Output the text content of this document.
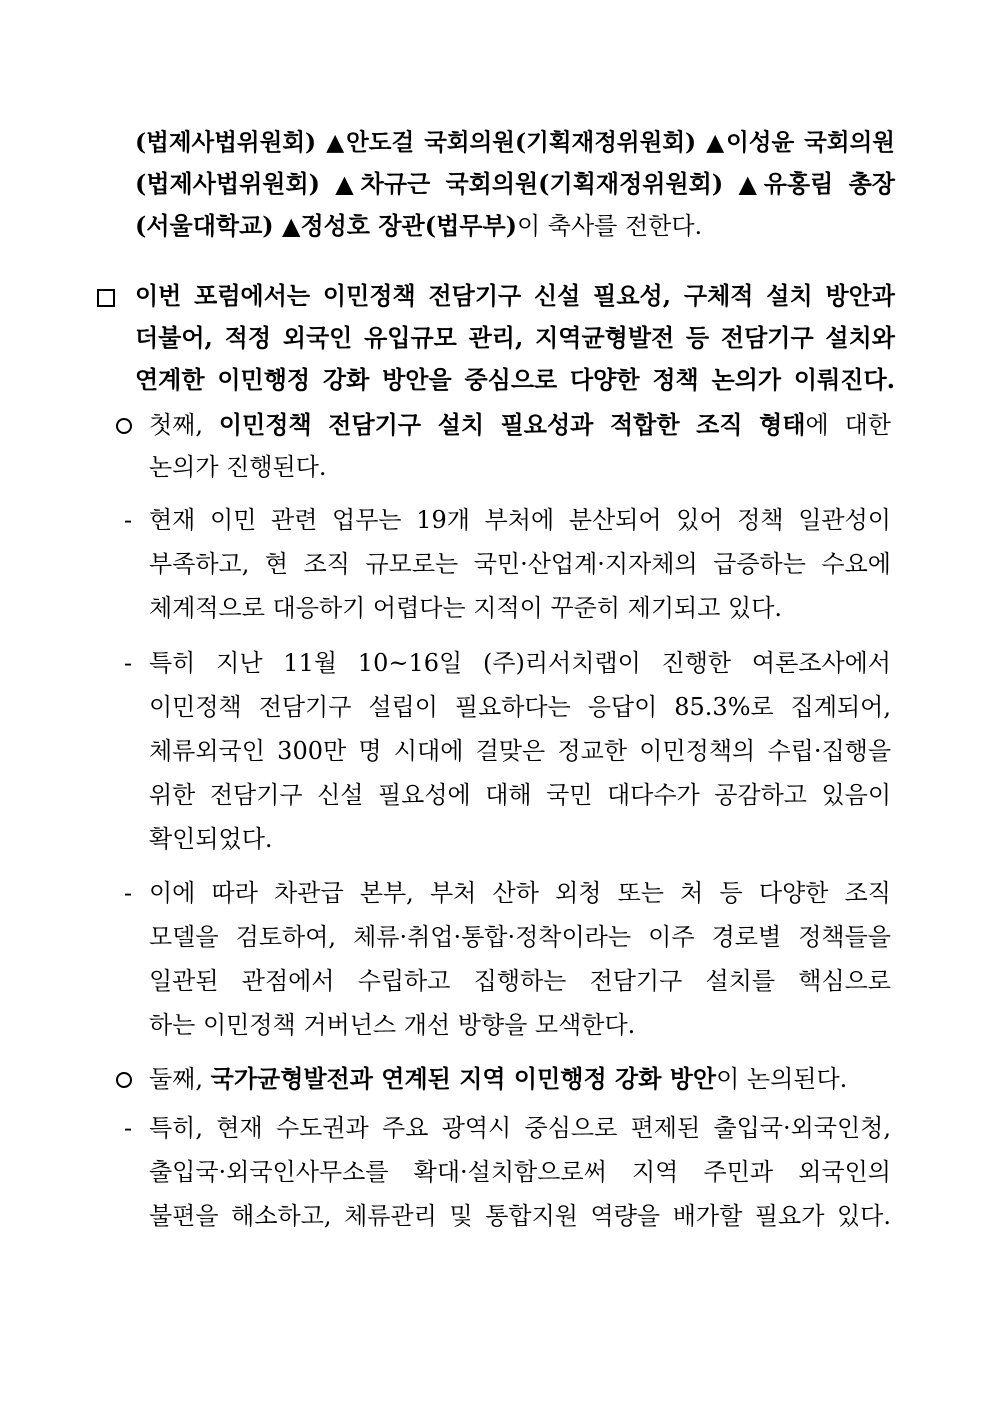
(법제사법위원회) ▲안도걸 국회의원(기획재정위원회) ▲이성윤 국회의원
(법제사법위원회) ▲차규근 국회의원(기획재정위원회) ▲유홍림 총장
(서울대학교) ▲정성호 장관(법무부)이 축사를 전한다.
이번 포럼에서는 이민정책 전담기구 신설 필요성, 구체적 설치 방안과
더불어, 적정 외국인 유입규모 관리, 지역균형발전 등 전담기구 설치와
연계한 이민행정 강화 방안을 중심으로 다양한 정책 논의가 이뤄진다.
첫째, 이민정책 전담기구 설치 필요성과 적합한 조직 형태에 대한
논의가 진행된다.
- 현재 이민 관련 업무는 19개 부처에 분산되어 있어 정책 일관성이
부족하고, 현 조직 규모로는 국민·산업계·지자체의 급증하는 수요에
체계적으로 대응하기 어렵다는 지적이 꾸준히 제기되고 있다.
- 특히 지난 11월 10~16일 (주)리서치랩이 진행한 여론조사에서
이민정책 전담기구 설립이 필요하다는 응답이 85.3%로 집계되어,
체류외국인 300만 명 시대에 걸맞은 정교한 이민정책의 수립·집행을
위한 전담기구 신설 필요성에 대해 국민 대다수가 공감하고 있음이
확인되었다.
- 이에 따라 차관급 본부, 부처 산하 외청 또는 처 등 다양한 조직
모델을 검토하여, 체류·취업·통합·정착이라는 이주 경로별 정책들을
일관된 관점에서 수립하고 집행하는 전담기구 설치를 핵심으로
하는 이민정책 거버넌스 개선 방향을 모색한다.
둘째, 국가균형발전과 연계된 지역 이민행정 강화 방안이 논의된다.
- 특히, 현재 수도권과 주요 광역시 중심으로 편제된 출입국·외국인청,
출입국·외국인사무소를 확대·설치함으로써 지역 주민과 외국인의
불편을 해소하고, 체류관리 및 통합지원 역량을 배가할 필요가 있다.
